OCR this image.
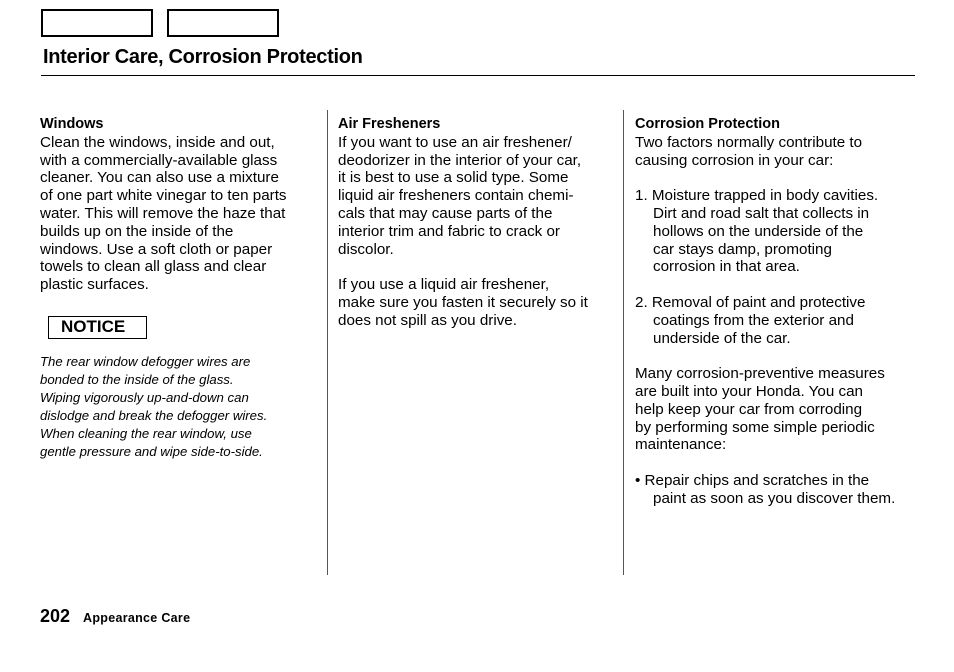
Interior Care, Corrosion Protection
Windows
Clean the windows, inside and out,
with a commercially-available glass
cleaner. You can also use a mixture
of one part white vinegar to ten parts
water. This will remove the haze that
builds up on the inside of the
windows. Use a soft cloth or paper
towels to clean all glass and clear
plastic surfaces.
NOTICE
The rear window defogger wires are
bonded to the inside of the glass.
Wiping vigorously up-and-down can
dislodge and break the defogger wires.
When cleaning the rear window, use
gentle pressure and wipe side-to-side.
Air Fresheners
If you want to use an air freshener/
deodorizer in the interior of your car,
it is best to use a solid type. Some
liquid air fresheners contain chemi-
cals that may cause parts of the
interior trim and fabric to crack or
discolor.
If you use a liquid air freshener,
make sure you fasten it securely so it
does not spill as you drive.
Corrosion Protection
Two factors normally contribute to
causing corrosion in your car:
1. Moisture trapped in body cavities.
Dirt and road salt that collects in
hollows on the underside of the
car stays damp, promoting
corrosion in that area.
2. Removal of paint and protective
coatings from the exterior and
underside of the car.
Many corrosion-preventive measures
are built into your Honda. You can
help keep your car from corroding
by performing some simple periodic
maintenance:
• Repair chips and scratches in the
paint as soon as you discover them.
202 Appearance Care
